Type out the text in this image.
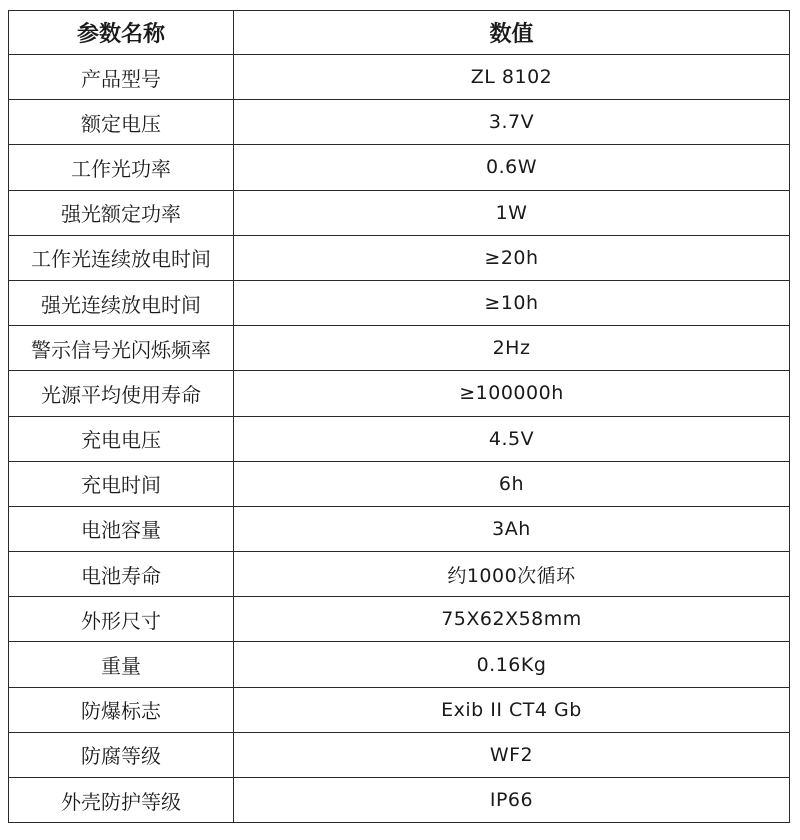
参数名称	数值
产品型号	ZL 8102
额定电压	3.7V
工作光功率	0.6W
强光额定功率	1W
工作光连续放电时间	≥20h
强光连续放电时间	≥10h
警示信号光闪烁频率	2Hz
光源平均使用寿命	≥100000h
充电电压	4.5V
充电时间	6h
电池容量	3Ah
电池寿命	约1000次循环
外形尺寸	75X62X58mm
重量	0.16Kg
防爆标志	Exib II CT4 Gb
防腐等级	WF2
外壳防护等级	IP66
